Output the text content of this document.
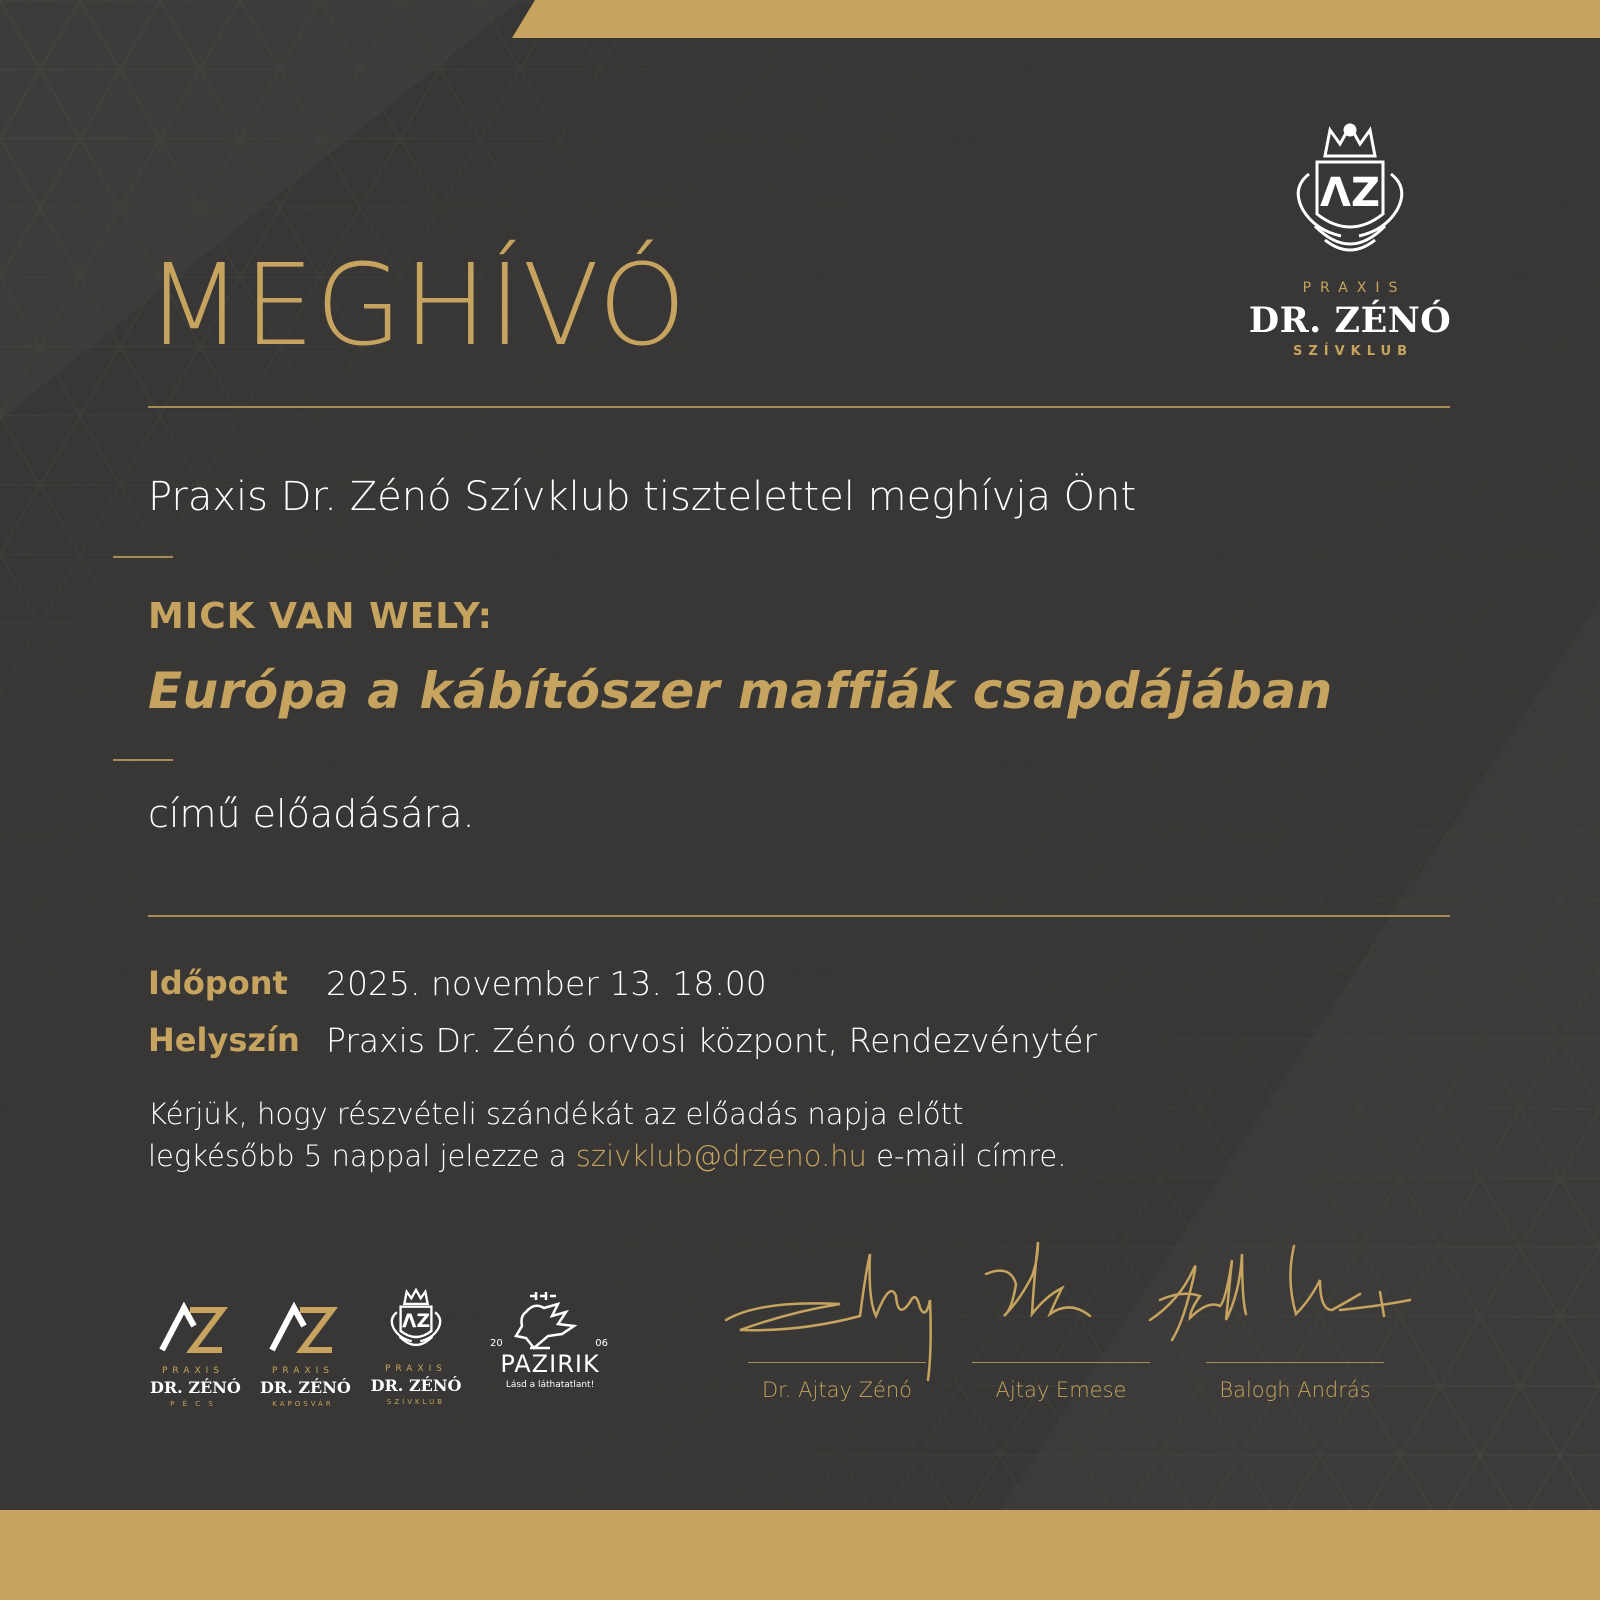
MEGHÍVÓ
ΛZ
PRAXIS
DR. ZÉNÓ
SZÍVKLUB
Praxis Dr. Zénó Szívklub tisztelettel meghívja Önt
MICK VAN WELY:
Európa a kábítószer maffiák csapdájában
című előadására.
Időpont 2025. november 13. 18.00
Helyszín Praxis Dr. Zénó orvosi központ, Rendezvénytér
Kérjük, hogy részvételi szándékát az előadás napja előtt
legkésőbb 5 nappal jelezze a szivklub@drzeno.hu e-mail címre.
PRAXIS
DR. ZÉNÓ
P É C S
PRAXIS
DR. ZÉNÓ
KAPOSVÁR
ΛZ
PRAXIS
DR. ZÉNÓ
SZÍVKLUB
20	06
PAZIRIK
Lásd a láthatatlant!	Dr. Ajtay Zénó	Ajtay Emese	Balogh András
